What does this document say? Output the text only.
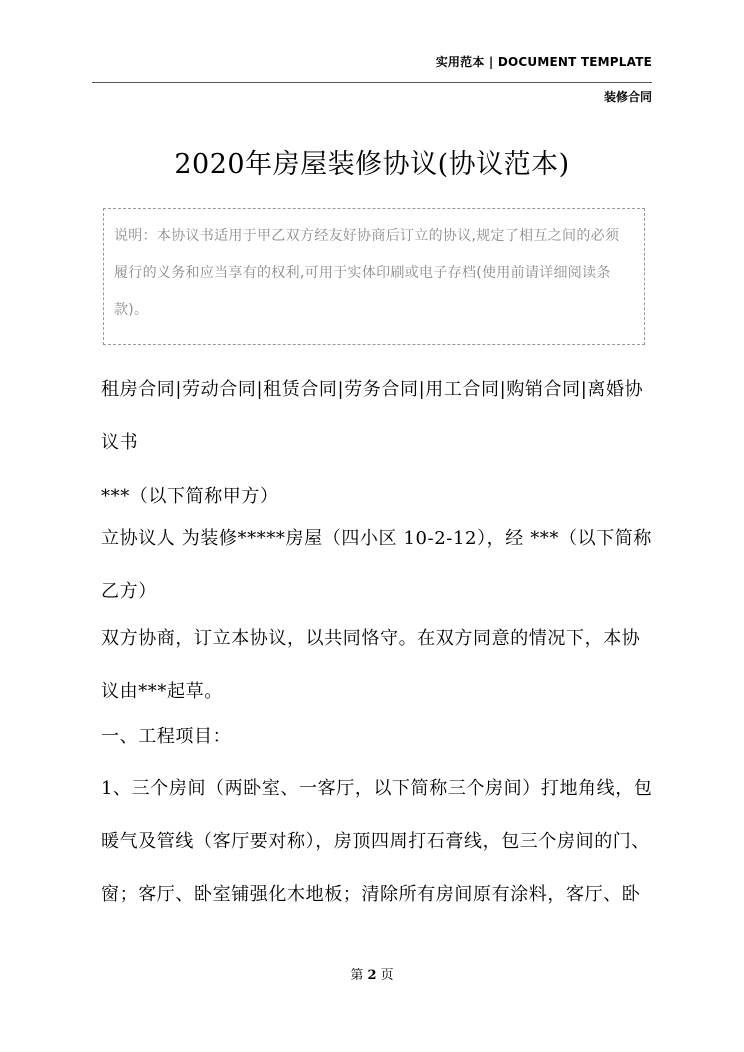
实用范本 | DOCUMENT TEMPLATE
装修合同
2020年房屋装修协议(协议范本)
说明：本协议书适用于甲乙双方经友好协商后订立的协议,规定了相互之间的必须履行的义务和应当享有的权利,可用于实体印刷或电子存档(使用前请详细阅读条款)。
租房合同|劳动合同|租赁合同|劳务合同|用工合同|购销合同|离婚协议书
***（以下简称甲方）
立协议人 为装修*****房屋（四小区 10-2-12），经 ***（以下简称乙方）
双方协商，订立本协议，以共同恪守。在双方同意的情况下，本协议由***起草。
一、工程项目：
1、三个房间（两卧室、一客厅，以下简称三个房间）打地角线，包暖气及管线（客厅要对称），房顶四周打石膏线，包三个房间的门、窗；客厅、卧室铺强化木地板；清除所有房间原有涂料，客厅、卧
第 2 页
